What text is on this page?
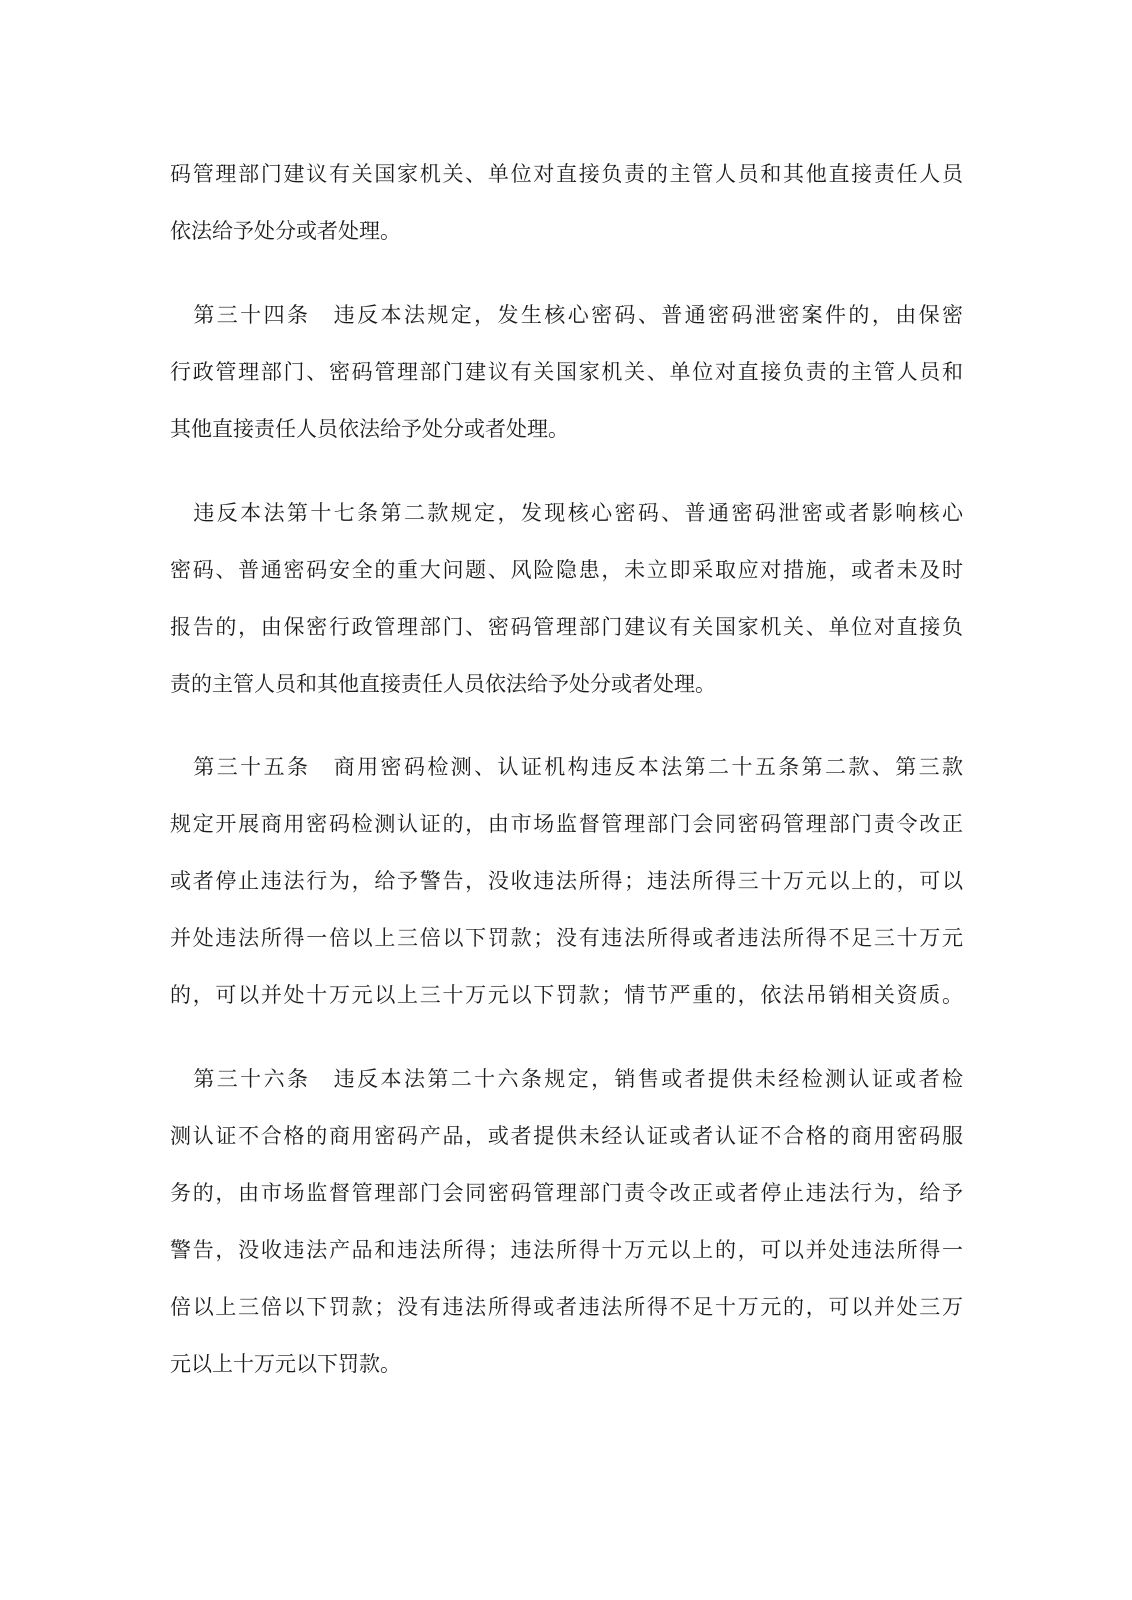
码管理部门建议有关国家机关、单位对直接负责的主管人员和其他直接责任人员
依法给予处分或者处理。
　第三十四条　违反本法规定，发生核心密码、普通密码泄密案件的，由保密
行政管理部门、密码管理部门建议有关国家机关、单位对直接负责的主管人员和
其他直接责任人员依法给予处分或者处理。
　违反本法第十七条第二款规定，发现核心密码、普通密码泄密或者影响核心
密码、普通密码安全的重大问题、风险隐患，未立即采取应对措施，或者未及时
报告的，由保密行政管理部门、密码管理部门建议有关国家机关、单位对直接负
责的主管人员和其他直接责任人员依法给予处分或者处理。
　第三十五条　商用密码检测、认证机构违反本法第二十五条第二款、第三款
规定开展商用密码检测认证的，由市场监督管理部门会同密码管理部门责令改正
或者停止违法行为，给予警告，没收违法所得；违法所得三十万元以上的，可以
并处违法所得一倍以上三倍以下罚款；没有违法所得或者违法所得不足三十万元
的，可以并处十万元以上三十万元以下罚款；情节严重的，依法吊销相关资质。
　第三十六条　违反本法第二十六条规定，销售或者提供未经检测认证或者检
测认证不合格的商用密码产品，或者提供未经认证或者认证不合格的商用密码服
务的，由市场监督管理部门会同密码管理部门责令改正或者停止违法行为，给予
警告，没收违法产品和违法所得；违法所得十万元以上的，可以并处违法所得一
倍以上三倍以下罚款；没有违法所得或者违法所得不足十万元的，可以并处三万
元以上十万元以下罚款。
